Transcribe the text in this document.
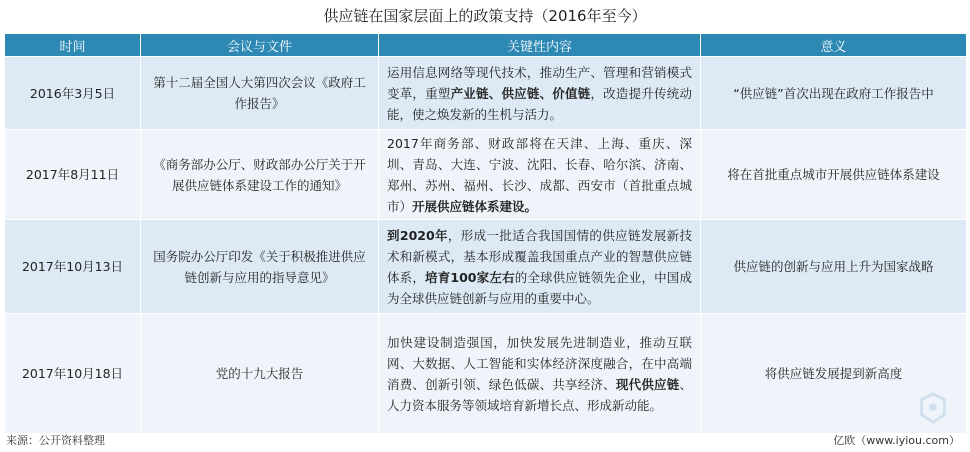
供应链在国家层面上的政策支持（2016年至今）
时间	会议与文件	关键性内容	意义
2016年3月5日	第十二届全国人大第四次会议《政府工作报告》	运用信息网络等现代技术，推动生产、管理和营销模式变革，重塑产业链、供应链、价值链，改造提升传统动能，使之焕发新的生机与活力。	“供应链”首次出现在政府工作报告中
2017年8月11日	《商务部办公厅、财政部办公厅关于开展供应链体系建设工作的通知》	2017年商务部、财政部将在天津、上海、重庆、深圳、青岛、大连、宁波、沈阳、长春、哈尔滨、济南、郑州、苏州、福州、长沙、成都、西安市（首批重点城市）开展供应链体系建设。	将在首批重点城市开展供应链体系建设
2017年10月13日	国务院办公厅印发《关于积极推进供应链创新与应用的指导意见》	到2020年，形成一批适合我国国情的供应链发展新技术和新模式，基本形成覆盖我国重点产业的智慧供应链体系，培育100家左右的全球供应链领先企业，中国成为全球供应链创新与应用的重要中心。	供应链的创新与应用上升为国家战略
2017年10月18日	党的十九大报告	加快建设制造强国，加快发展先进制造业，推动互联网、大数据、人工智能和实体经济深度融合，在中高端消费、创新引领、绿色低碳、共享经济、现代供应链、人力资本服务等领域培育新增长点、形成新动能。	将供应链发展提到新高度
来源：公开资料整理	亿欧（www.iyiou.com）
